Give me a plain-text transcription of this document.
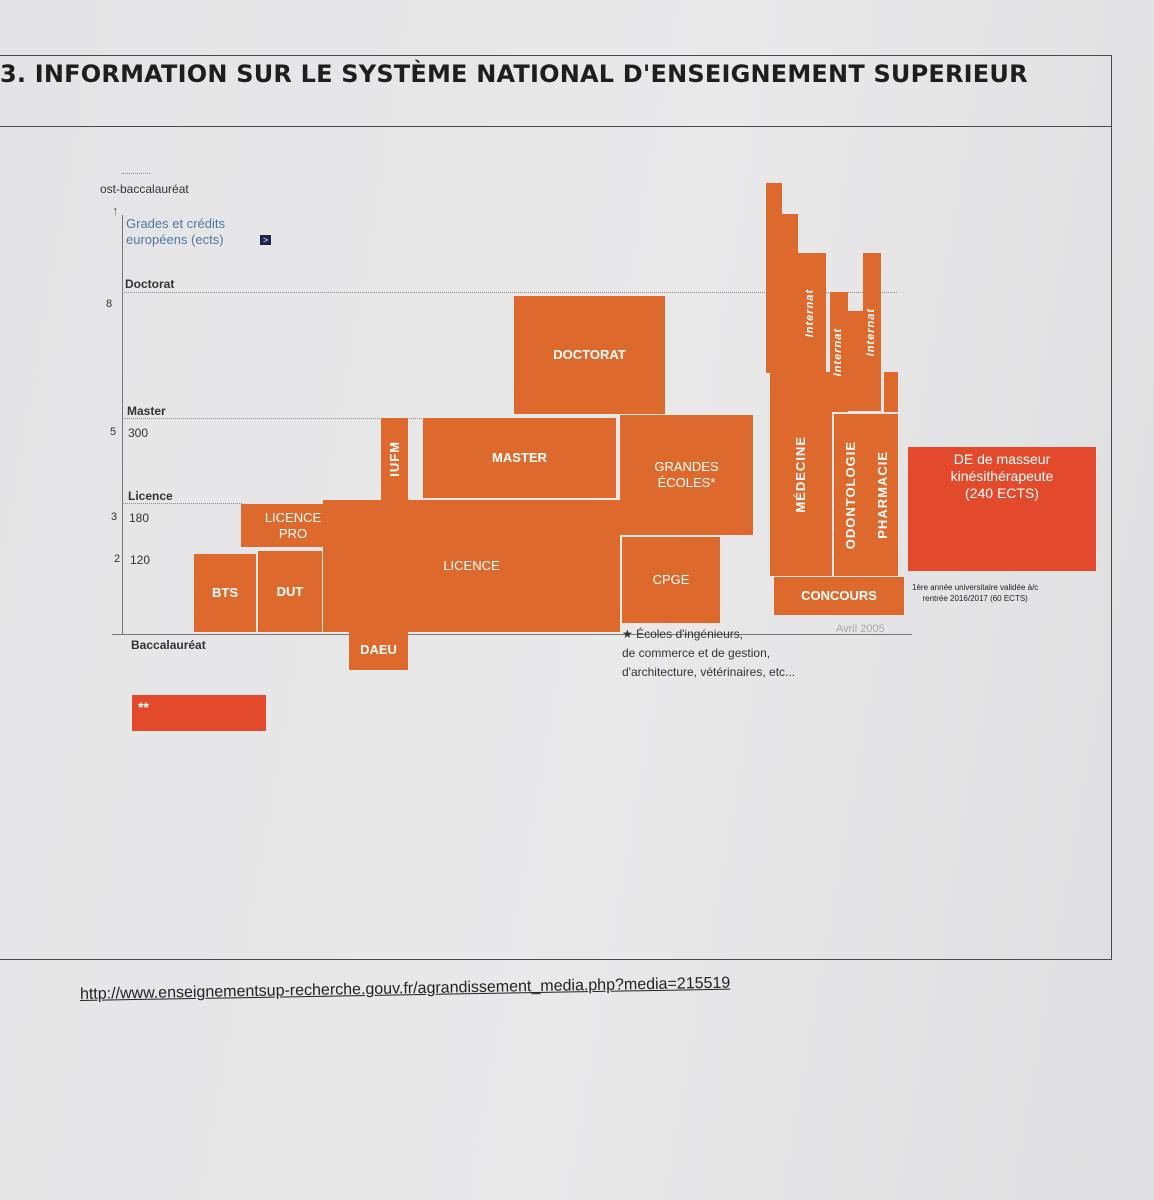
3. INFORMATION SUR LE SYSTÈME NATIONAL D'ENSEIGNEMENT SUPERIEUR
↑
ost-baccalauréat
Grades et crédits
européens (ects)	>
Doctorat
Master
Licence
Baccalauréat
8
5
3
2
300
180
120
DOCTORAT
MASTER
IUFM	GRANDES
ÉCOLES*
LICENCE
PRO
LICENCE
CPGE
BTS	DUT
DAEU
Internat
MÉDECINE
Internat
ODONTOLOGIE
Internat
PHARMACIE
CONCOURS
DE de masseur
kinésithérapeute
(240 ECTS)
1ère année universitaire validée à/c
rentrée 2016/2017 (60 ECTS)
Avril 2005
★ Écoles d'ingénieurs,
de commerce et de gestion,
d'architecture, vétérinaires, etc...
**
http://www.enseignementsup-recherche.gouv.fr/agrandissement_media.php?media=215519
